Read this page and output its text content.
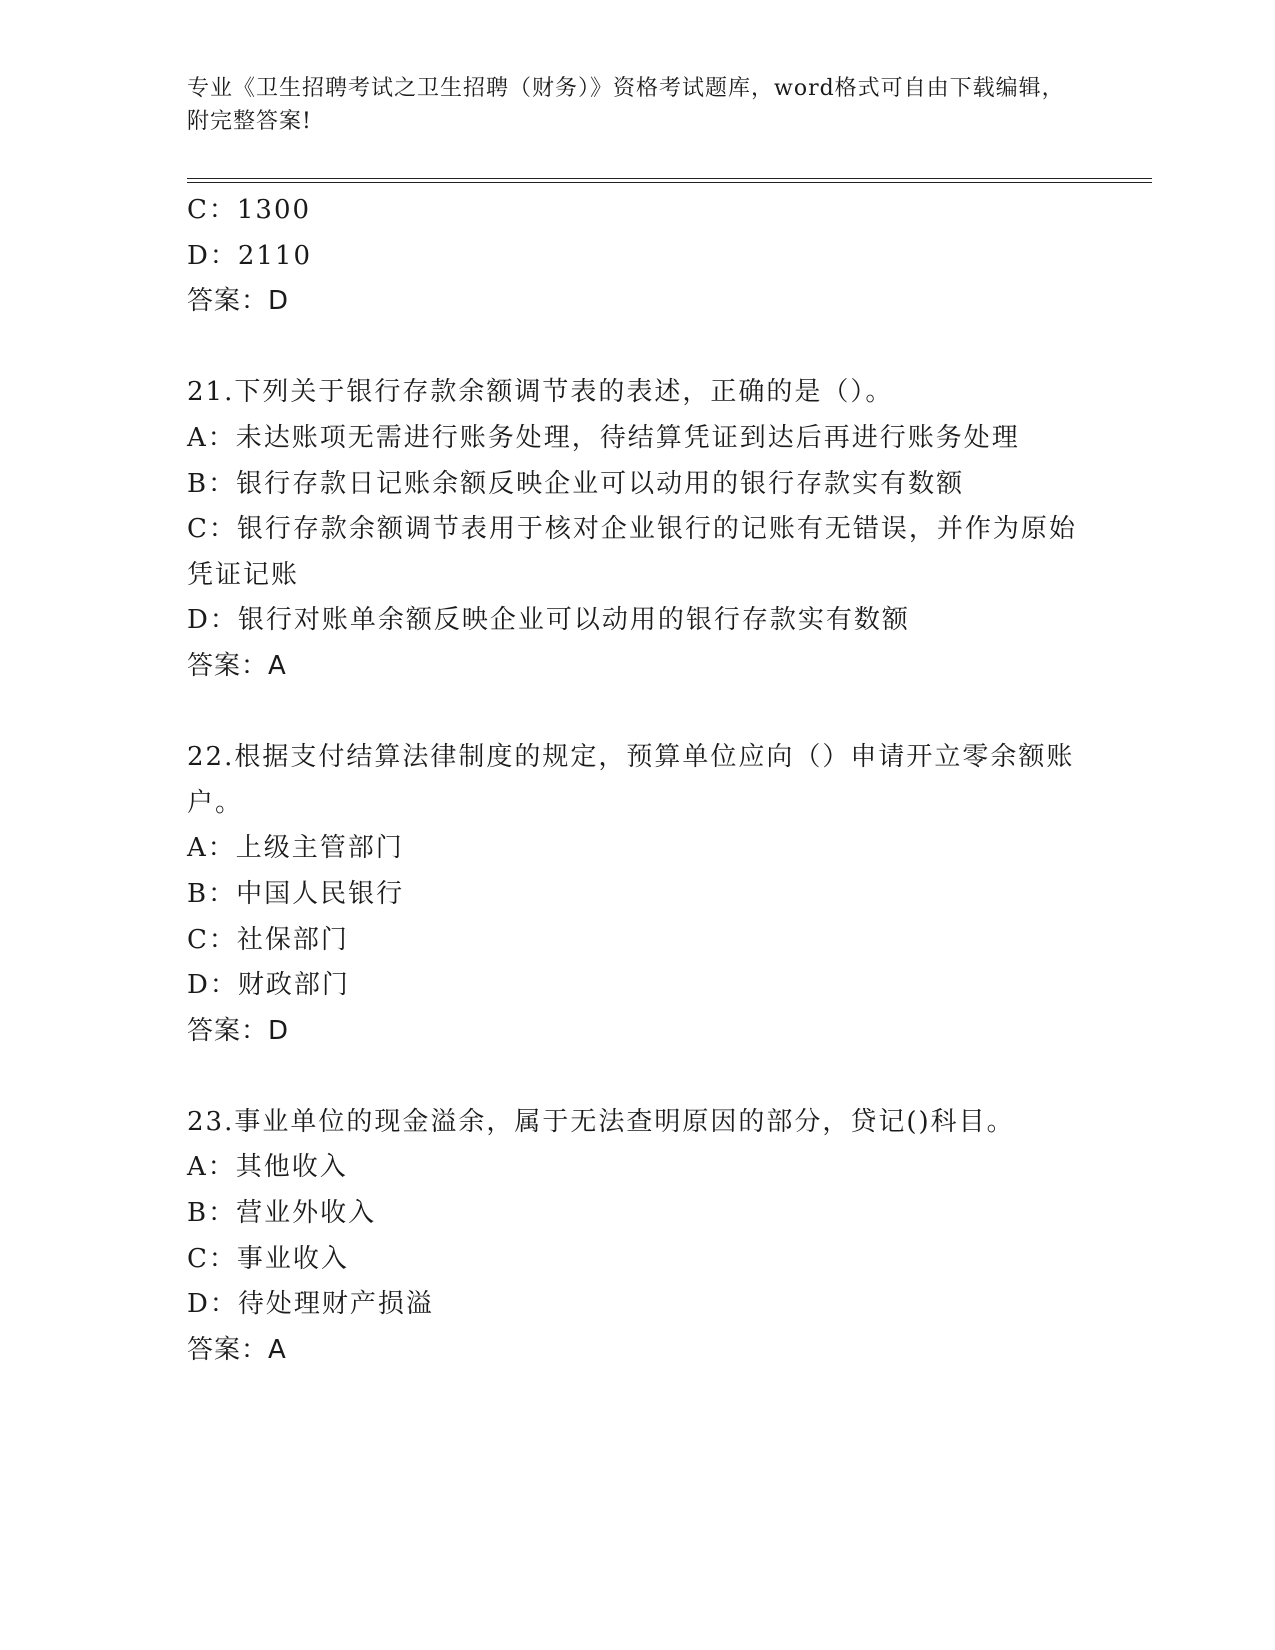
专业《卫生招聘考试之卫生招聘（财务）》资格考试题库，word格式可自由下载编辑，附完整答案!
C：1300
D：2110
答案：D
21.下列关于银行存款余额调节表的表述，正确的是（）。
A：未达账项无需进行账务处理，待结算凭证到达后再进行账务处理
B：银行存款日记账余额反映企业可以动用的银行存款实有数额
C：银行存款余额调节表用于核对企业银行的记账有无错误，并作为原始凭证记账
D：银行对账单余额反映企业可以动用的银行存款实有数额
答案：A
22.根据支付结算法律制度的规定，预算单位应向（）申请开立零余额账户。
A：上级主管部门
B：中国人民银行
C：社保部门
D：财政部门
答案：D
23.事业单位的现金溢余，属于无法查明原因的部分，贷记()科目。
A：其他收入
B：营业外收入
C：事业收入
D：待处理财产损溢
答案：A
